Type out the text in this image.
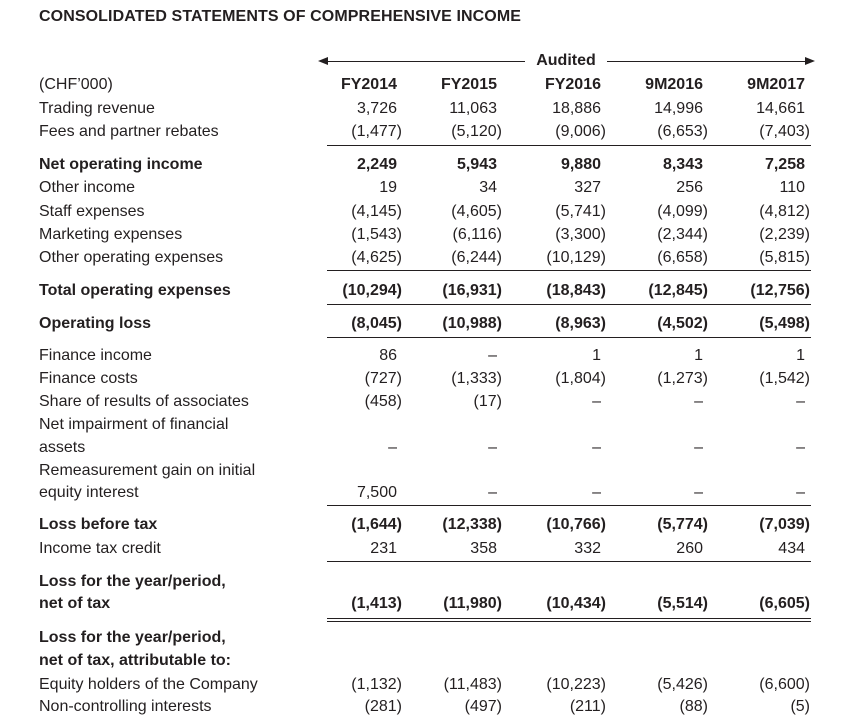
CONSOLIDATED STATEMENTS OF COMPREHENSIVE INCOME
Audited
(CHF’000)	FY2014	FY2015	FY2016	9M2016	9M2017
Trading revenue	3,726	11,063	18,886	14,996	14,661
Fees and partner rebates	(1,477)	(5,120)	(9,006)	(6,653)	(7,403)
Net operating income	2,249	5,943	9,880	8,343	7,258
Other income	19	34	327	256	110
Staff expenses	(4,145)	(4,605)	(5,741)	(4,099)	(4,812)
Marketing expenses	(1,543)	(6,116)	(3,300)	(2,344)	(2,239)
Other operating expenses	(4,625)	(6,244)	(10,129)	(6,658)	(5,815)
Total operating expenses	(10,294)	(16,931)	(18,843)	(12,845)	(12,756)
Operating loss	(8,045)	(10,988)	(8,963)	(4,502)	(5,498)
Finance income	86	–	1	1	1
Finance costs	(727)	(1,333)	(1,804)	(1,273)	(1,542)
Share of results of associates	(458)	(17)	–	–	–
Net impairment of financial
assets	–	–	–	–	–
Remeasurement gain on initial
equity interest	7,500	–	–	–	–
Loss before tax	(1,644)	(12,338)	(10,766)	(5,774)	(7,039)
Income tax credit	231	358	332	260	434
Loss for the year/period,
net of tax	(1,413)	(11,980)	(10,434)	(5,514)	(6,605)
Loss for the year/period,
net of tax, attributable to:
Equity holders of the Company	(1,132)	(11,483)	(10,223)	(5,426)	(6,600)
Non-controlling interests	(281)	(497)	(211)	(88)	(5)
